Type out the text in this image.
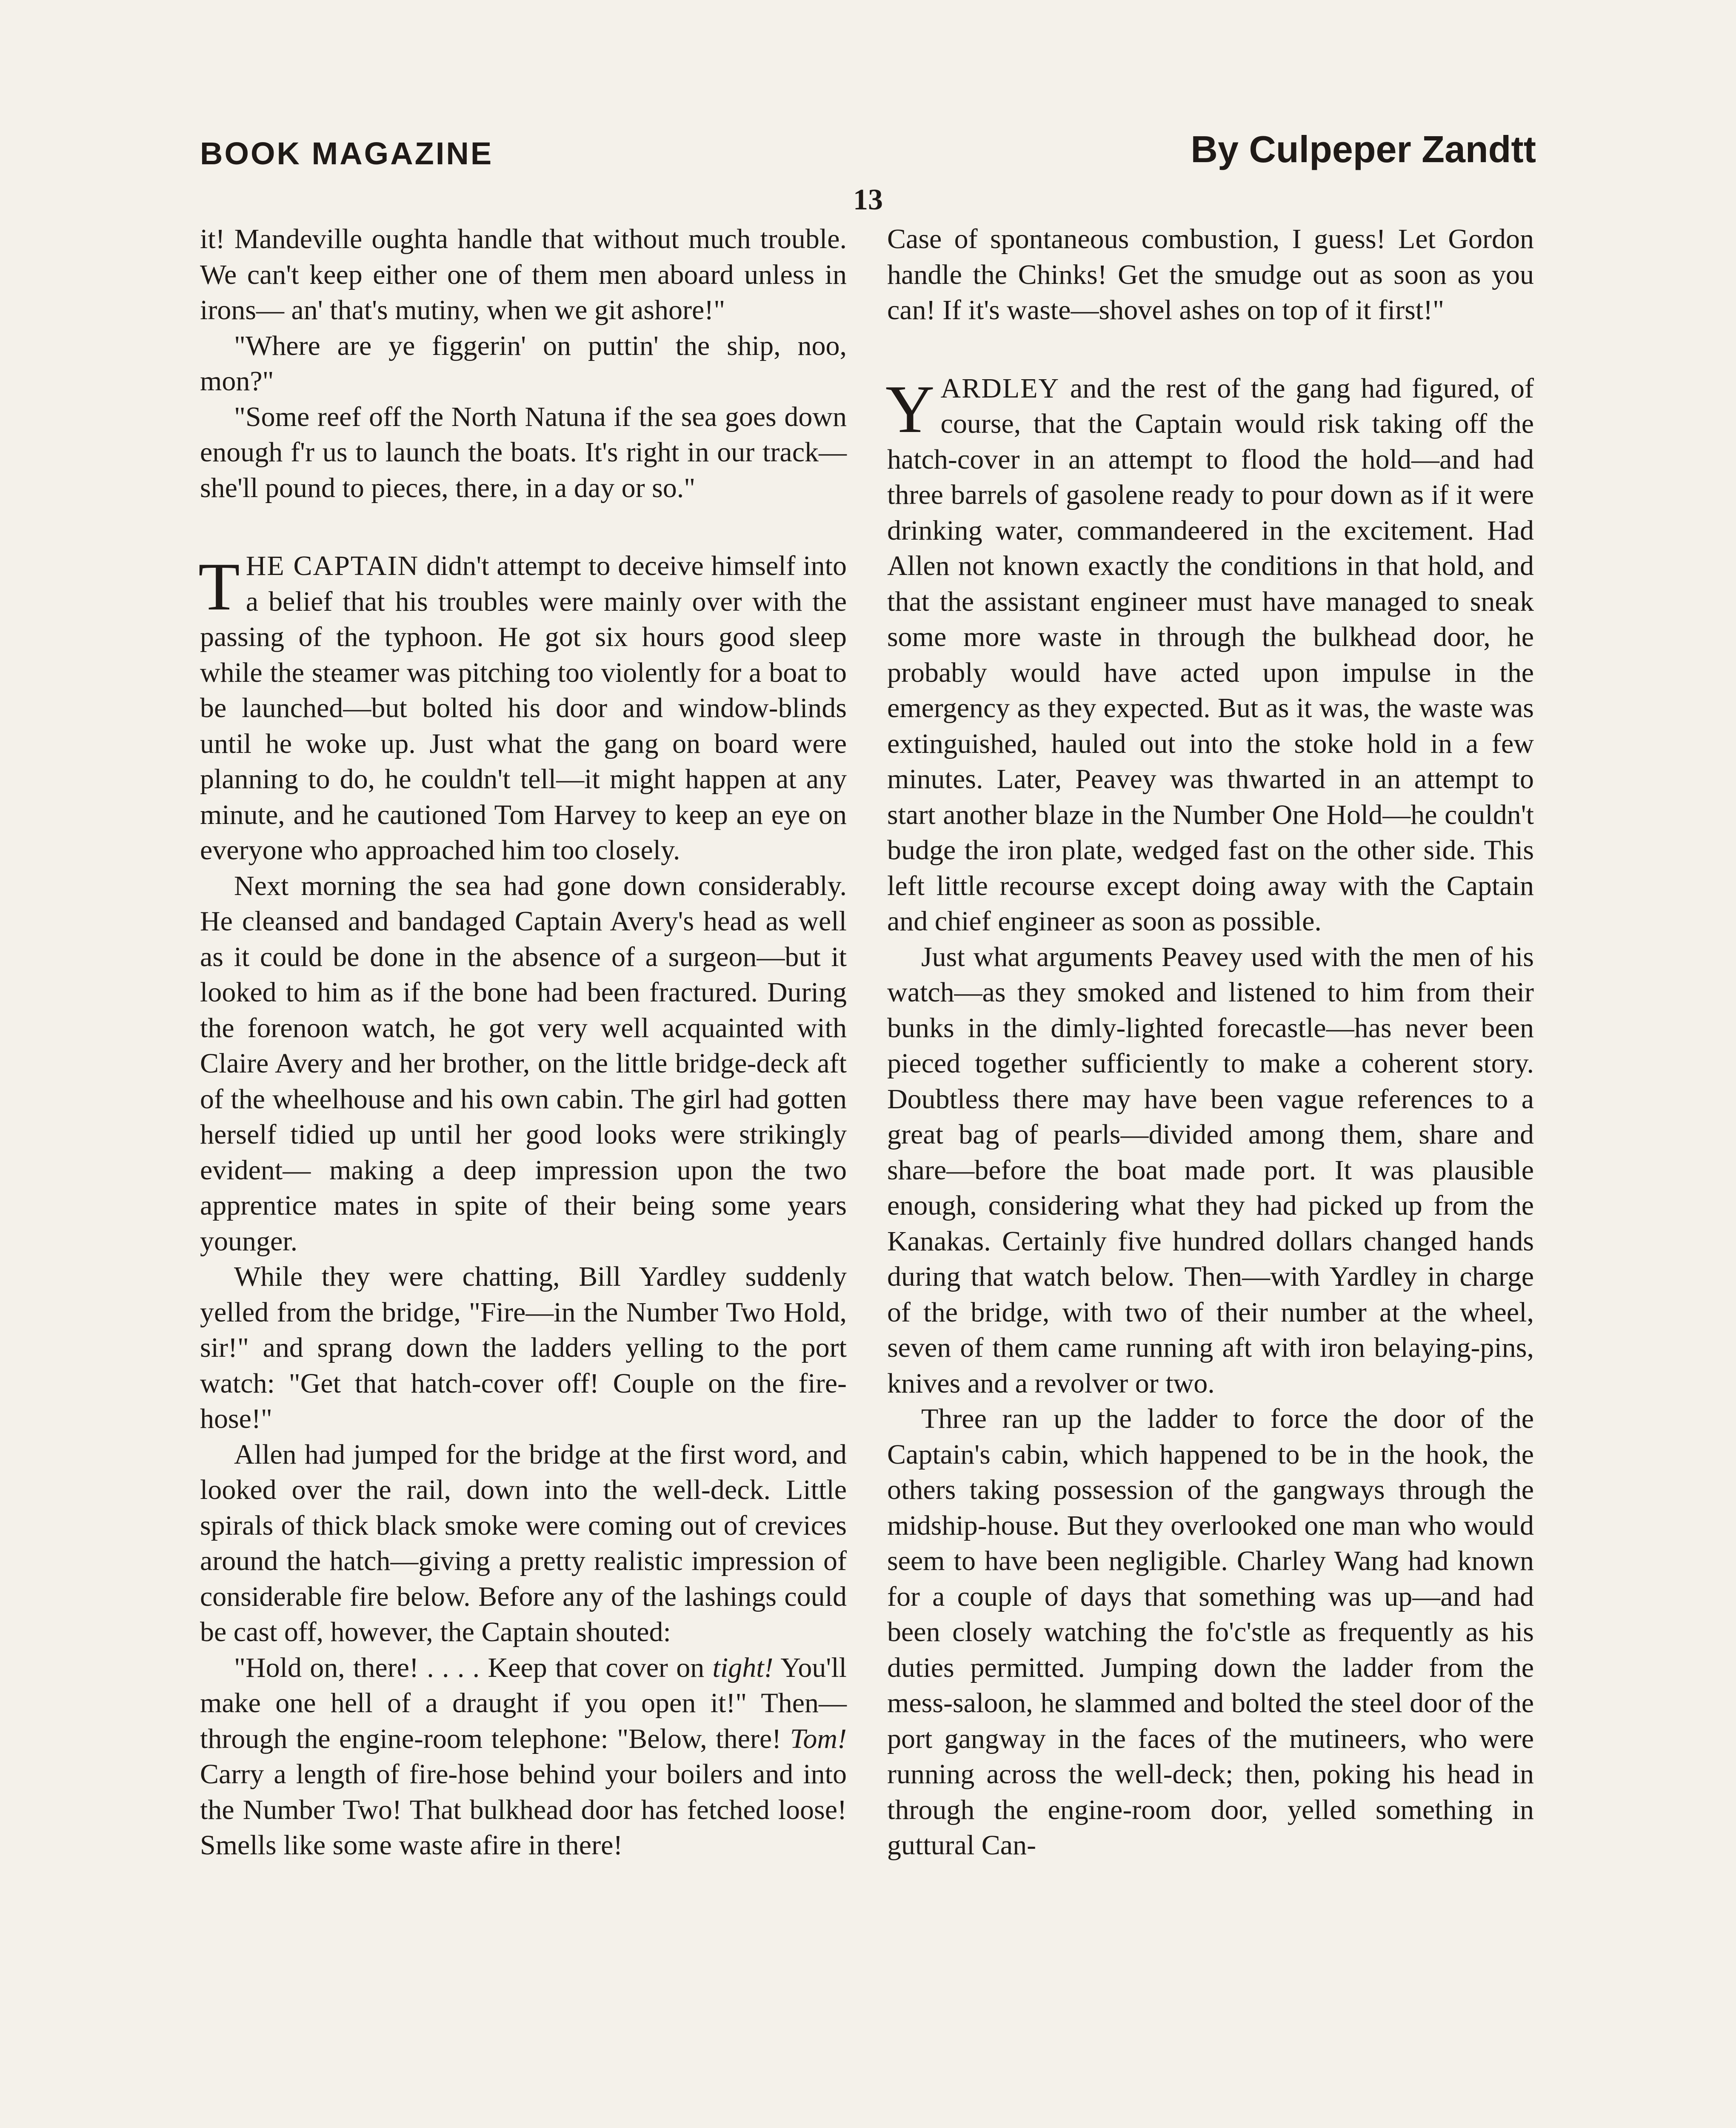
BOOK MAGAZINE	By Culpeper Zandtt
13

it! Mandeville oughta handle that without much trouble. We can't keep either one of them men aboard unless in irons— an' that's mutiny, when we git ashore!"

"Where are ye figgerin' on puttin' the ship, noo, mon?"

"Some reef off the North Natuna if the sea goes down enough f'r us to launch the boats. It's right in our track—she'll pound to pieces, there, in a day or so."

THE CAPTAIN didn't attempt to deceive himself into a belief that his troubles were mainly over with the passing of the typhoon. He got six hours good sleep while the steamer was pitching too violently for a boat to be launched—but bolted his door and window-blinds until he woke up. Just what the gang on board were planning to do, he couldn't tell—it might happen at any minute, and he cautioned Tom Harvey to keep an eye on everyone who approached him too closely.

Next morning the sea had gone down considerably. He cleansed and bandaged Captain Avery's head as well as it could be done in the absence of a surgeon—but it looked to him as if the bone had been fractured. During the forenoon watch, he got very well acquainted with Claire Avery and her brother, on the little bridge-deck aft of the wheelhouse and his own cabin. The girl had gotten herself tidied up until her good looks were strikingly evident— making a deep impression upon the two apprentice mates in spite of their being some years younger.

While they were chatting, Bill Yardley suddenly yelled from the bridge, "Fire—in the Number Two Hold, sir!" and sprang down the ladders yelling to the port watch: "Get that hatch-cover off! Couple on the fire-hose!"

Allen had jumped for the bridge at the first word, and looked over the rail, down into the well-deck. Little spirals of thick black smoke were coming out of crevices around the hatch—giving a pretty realistic impression of considerable fire below. Before any of the lashings could be cast off, however, the Captain shouted:

"Hold on, there! . . . . Keep that cover on tight! You'll make one hell of a draught if you open it!" Then—through the engine-room telephone: "Below, there! Tom! Carry a length of fire-hose behind your boilers and into the Number Two! That bulkhead door has fetched loose! Smells like some waste afire in there!

Case of spontaneous combustion, I guess! Let Gordon handle the Chinks! Get the smudge out as soon as you can! If it's waste—shovel ashes on top of it first!"

YARDLEY and the rest of the gang had figured, of course, that the Captain would risk taking off the hatch-cover in an attempt to flood the hold—and had three barrels of gasolene ready to pour down as if it were drinking water, commandeered in the excitement. Had Allen not known exactly the conditions in that hold, and that the assistant engineer must have managed to sneak some more waste in through the bulkhead door, he probably would have acted upon impulse in the emergency as they expected. But as it was, the waste was extinguished, hauled out into the stoke hold in a few minutes. Later, Peavey was thwarted in an attempt to start another blaze in the Number One Hold—he couldn't budge the iron plate, wedged fast on the other side. This left little recourse except doing away with the Captain and chief engineer as soon as possible.

Just what arguments Peavey used with the men of his watch—as they smoked and listened to him from their bunks in the dimly-lighted forecastle—has never been pieced together sufficiently to make a coherent story. Doubtless there may have been vague references to a great bag of pearls—divided among them, share and share—before the boat made port. It was plausible enough, considering what they had picked up from the Kanakas. Certainly five hundred dollars changed hands during that watch below. Then—with Yardley in charge of the bridge, with two of their number at the wheel, seven of them came running aft with iron belaying-pins, knives and a revolver or two.

Three ran up the ladder to force the door of the Captain's cabin, which happened to be in the hook, the others taking possession of the gangways through the midship-house. But they overlooked one man who would seem to have been negligible. Charley Wang had known for a couple of days that something was up—and had been closely watching the fo'c'stle as frequently as his duties permitted. Jumping down the ladder from the mess-saloon, he slammed and bolted the steel door of the port gangway in the faces of the mutineers, who were running across the well-deck; then, poking his head in through the engine-room door, yelled something in guttural Can-
